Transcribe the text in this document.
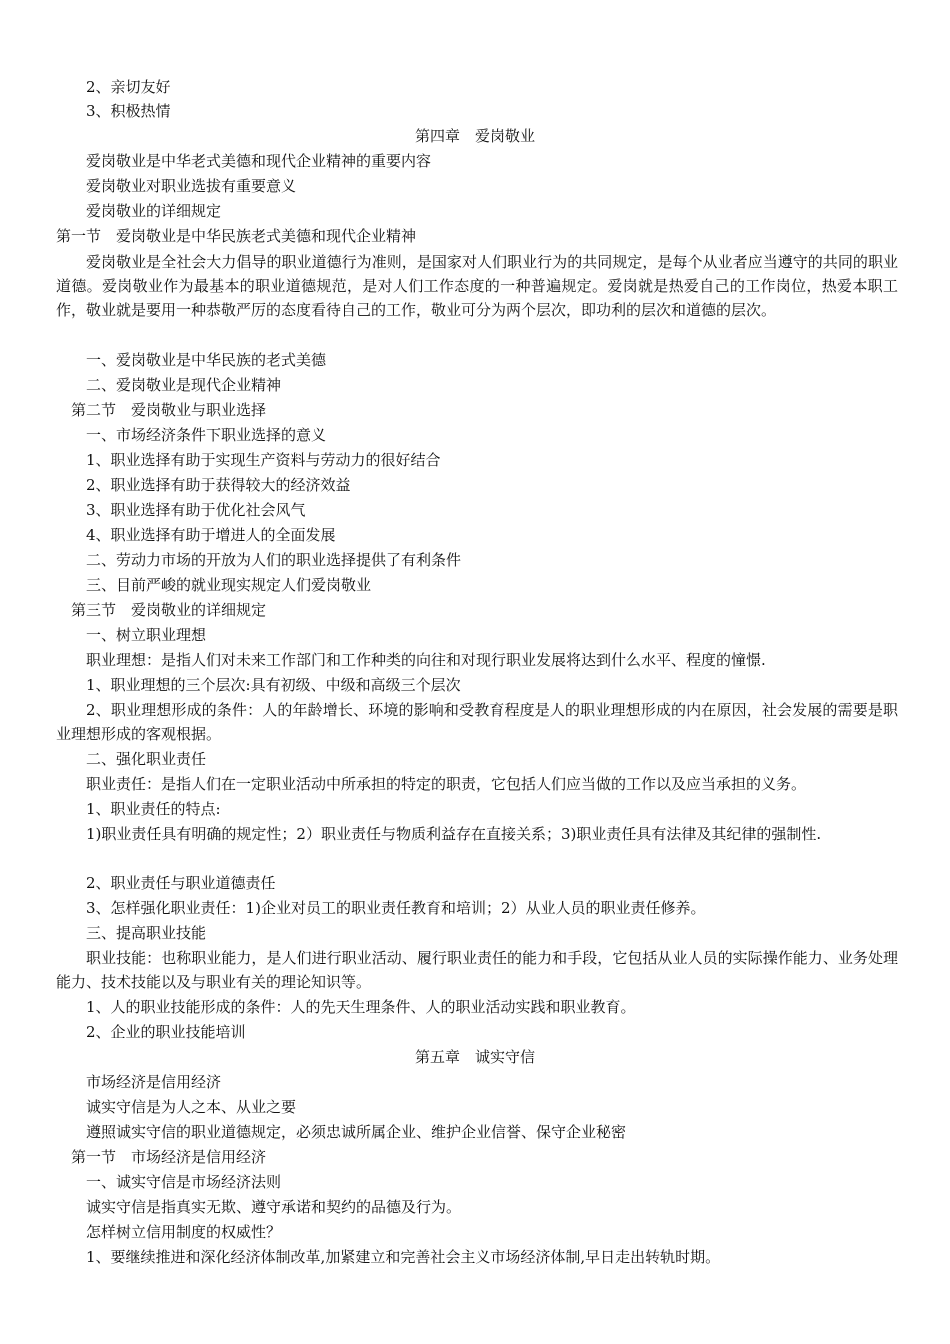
2、亲切友好
3、积极热情
第四章　爱岗敬业
爱岗敬业是中华老式美德和现代企业精神的重要内容
爱岗敬业对职业选拔有重要意义
爱岗敬业的详细规定
第一节　爱岗敬业是中华民族老式美德和现代企业精神
爱岗敬业是全社会大力倡导的职业道德行为准则，是国家对人们职业行为的共同规定，是每个从业者应当遵守的共同的职业道德。爱岗敬业作为最基本的职业道德规范，是对人们工作态度的一种普遍规定。爱岗就是热爱自己的工作岗位，热爱本职工作，敬业就是要用一种恭敬严厉的态度看待自己的工作，敬业可分为两个层次，即功利的层次和道德的层次。
一、爱岗敬业是中华民族的老式美德
二、爱岗敬业是现代企业精神
第二节　爱岗敬业与职业选择
一、市场经济条件下职业选择的意义
1、职业选择有助于实现生产资料与劳动力的很好结合
2、职业选择有助于获得较大的经济效益
3、职业选择有助于优化社会风气
4、职业选择有助于增进人的全面发展
二、劳动力市场的开放为人们的职业选择提供了有利条件
三、目前严峻的就业现实规定人们爱岗敬业
第三节　爱岗敬业的详细规定
一、树立职业理想
职业理想：是指人们对未来工作部门和工作种类的向往和对现行职业发展将达到什么水平、程度的憧憬.
1、职业理想的三个层次:具有初级、中级和高级三个层次
2、职业理想形成的条件：人的年龄增长、环境的影响和受教育程度是人的职业理想形成的内在原因，社会发展的需要是职业理想形成的客观根据。
二、强化职业责任
职业责任：是指人们在一定职业活动中所承担的特定的职责，它包括人们应当做的工作以及应当承担的义务。
1、职业责任的特点:
1)职业责任具有明确的规定性；2）职业责任与物质利益存在直接关系；3)职业责任具有法律及其纪律的强制性.
2、职业责任与职业道德责任
3、怎样强化职业责任：1)企业对员工的职业责任教育和培训；2）从业人员的职业责任修养。
三、提高职业技能
职业技能：也称职业能力，是人们进行职业活动、履行职业责任的能力和手段，它包括从业人员的实际操作能力、业务处理能力、技术技能以及与职业有关的理论知识等。
1、人的职业技能形成的条件：人的先天生理条件、人的职业活动实践和职业教育。
2、企业的职业技能培训
第五章　诚实守信
市场经济是信用经济
诚实守信是为人之本、从业之要
遵照诚实守信的职业道德规定，必须忠诚所属企业、维护企业信誉、保守企业秘密
第一节　市场经济是信用经济
一、诚实守信是市场经济法则
诚实守信是指真实无欺、遵守承诺和契约的品德及行为。
怎样树立信用制度的权威性？
1、要继续推进和深化经济体制改革,加紧建立和完善社会主义市场经济体制,早日走出转轨时期。
